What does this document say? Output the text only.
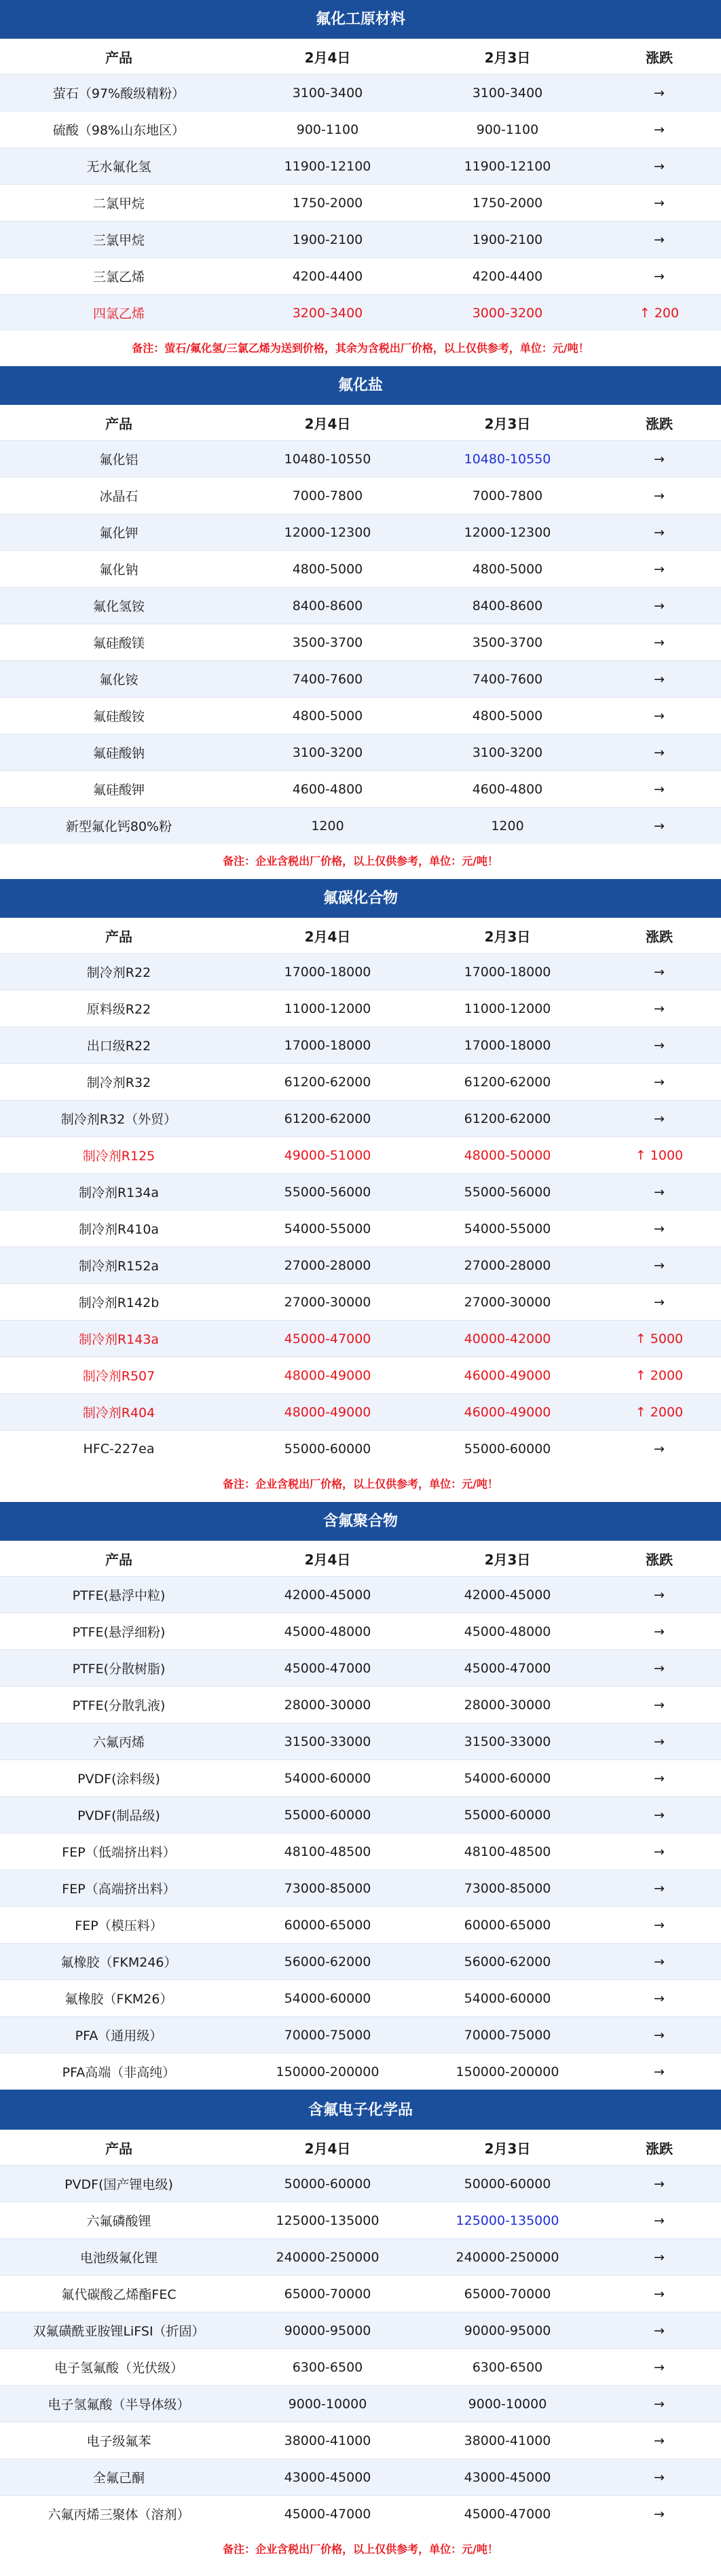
氟化工原材料
产品	2月4日	2月3日	涨跌
萤石（97%酸级精粉）	3100-3400	3100-3400	→
硫酸（98%山东地区）	900-1100	900-1100	→
无水氟化氢	11900-12100	11900-12100	→
二氯甲烷	1750-2000	1750-2000	→
三氯甲烷	1900-2100	1900-2100	→
三氯乙烯	4200-4400	4200-4400	→
四氯乙烯	3200-3400	3000-3200	↑ 200
备注：萤石/氟化氢/三氯乙烯为送到价格，其余为含税出厂价格，以上仅供参考，单位：元/吨！
氟化盐
产品	2月4日	2月3日	涨跌
氟化铝	10480-10550	10480-10550	→
冰晶石	7000-7800	7000-7800	→
氟化钾	12000-12300	12000-12300	→
氟化钠	4800-5000	4800-5000	→
氟化氢铵	8400-8600	8400-8600	→
氟硅酸镁	3500-3700	3500-3700	→
氟化铵	7400-7600	7400-7600	→
氟硅酸铵	4800-5000	4800-5000	→
氟硅酸钠	3100-3200	3100-3200	→
氟硅酸钾	4600-4800	4600-4800	→
新型氟化钙80%粉	1200	1200	→
备注：企业含税出厂价格，以上仅供参考，单位：元/吨！
氟碳化合物
产品	2月4日	2月3日	涨跌
制冷剂R22	17000-18000	17000-18000	→
原料级R22	11000-12000	11000-12000	→
出口级R22	17000-18000	17000-18000	→
制冷剂R32	61200-62000	61200-62000	→
制冷剂R32（外贸）	61200-62000	61200-62000	→
制冷剂R125	49000-51000	48000-50000	↑ 1000
制冷剂R134a	55000-56000	55000-56000	→
制冷剂R410a	54000-55000	54000-55000	→
制冷剂R152a	27000-28000	27000-28000	→
制冷剂R142b	27000-30000	27000-30000	→
制冷剂R143a	45000-47000	40000-42000	↑ 5000
制冷剂R507	48000-49000	46000-49000	↑ 2000
制冷剂R404	48000-49000	46000-49000	↑ 2000
HFC-227ea	55000-60000	55000-60000	→
备注：企业含税出厂价格，以上仅供参考，单位：元/吨！
含氟聚合物
产品	2月4日	2月3日	涨跌
PTFE(悬浮中粒)	42000-45000	42000-45000	→
PTFE(悬浮细粉)	45000-48000	45000-48000	→
PTFE(分散树脂)	45000-47000	45000-47000	→
PTFE(分散乳液)	28000-30000	28000-30000	→
六氟丙烯	31500-33000	31500-33000	→
PVDF(涂料级)	54000-60000	54000-60000	→
PVDF(制品级)	55000-60000	55000-60000	→
FEP（低端挤出料）	48100-48500	48100-48500	→
FEP（高端挤出料）	73000-85000	73000-85000	→
FEP（模压料）	60000-65000	60000-65000	→
氟橡胶（FKM246）	56000-62000	56000-62000	→
氟橡胶（FKM26）	54000-60000	54000-60000	→
PFA（通用级）	70000-75000	70000-75000	→
PFA高端（非高纯）	150000-200000	150000-200000	→
含氟电子化学品
产品	2月4日	2月3日	涨跌
PVDF(国产锂电级)	50000-60000	50000-60000	→
六氟磷酸锂	125000-135000	125000-135000	→
电池级氟化锂	240000-250000	240000-250000	→
氟代碳酸乙烯酯FEC	65000-70000	65000-70000	→
双氟磺酰亚胺锂LiFSI（折固）	90000-95000	90000-95000	→
电子氢氟酸（光伏级）	6300-6500	6300-6500	→
电子氢氟酸（半导体级）	9000-10000	9000-10000	→
电子级氟苯	38000-41000	38000-41000	→
全氟己酮	43000-45000	43000-45000	→
六氟丙烯三聚体（溶剂）	45000-47000	45000-47000	→
备注：企业含税出厂价格，以上仅供参考，单位：元/吨！
